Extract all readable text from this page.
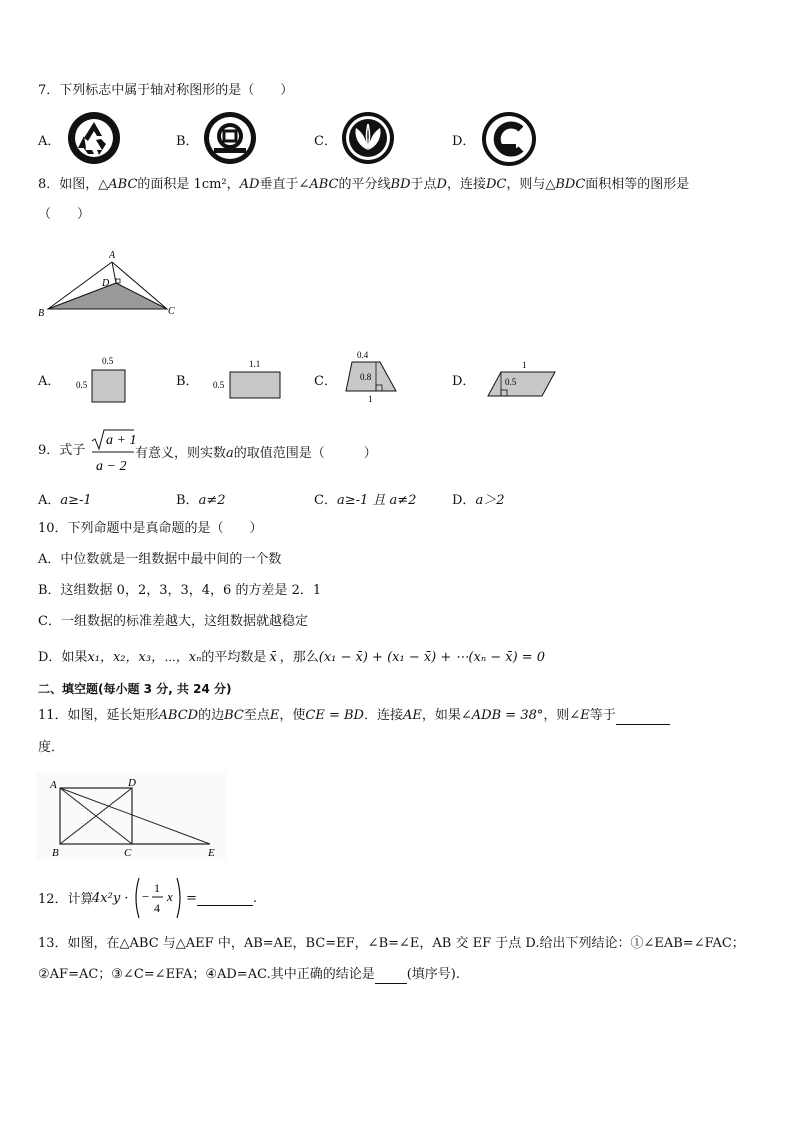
7．下列标志中属于轴对称图形的是（　　）
A．	B．	C．	D．
8．如图，△ABC的面积是 1cm²，AD垂直于∠ABC的平分线BD于点D，连接DC，则与△BDC面积相等的图形是
（　　）
A
D
B	C
A．
0.5
0.5	B．
1.1
0.5	C．
0.4
0.8
1
D．
1
0.5
9．式子
a + 1
a − 2
有意义，则实数a的取值范围是（　　　）
A．a≥-1	B．a≠2	C．a≥-1 且 a≠2	D．a＞2
10．下列命题中是真命题的是（　　）
A．中位数就是一组数据中最中间的一个数
B．这组数据 0，2，3，3，4，6 的方差是 2．1
C．一组数据的标准差越大，这组数据就越稳定
D．如果x₁，x₂，x₃，⋯，xₙ的平均数是 x̄ ，那么(x₁ − x̄) + (x₁ − x̄) + ⋯(xₙ − x̄) = 0
二、填空题(每小题 3 分, 共 24 分)
11．如图，延长矩形ABCD的边BC至点E，使CE = BD．连接AE，如果∠ADB = 38°，则∠E等于
度．
A	D
B	C	E
12．计算
4x²y · −
1
4
x =	.
13．如图，在△ABC 与△AEF 中，AB=AE，BC=EF，∠B=∠E，AB 交 EF 于点 D.给出下列结论：①∠EAB=∠FAC；
②AF=AC；③∠C=∠EFA；④AD=AC.其中正确的结论是 (填序号).
